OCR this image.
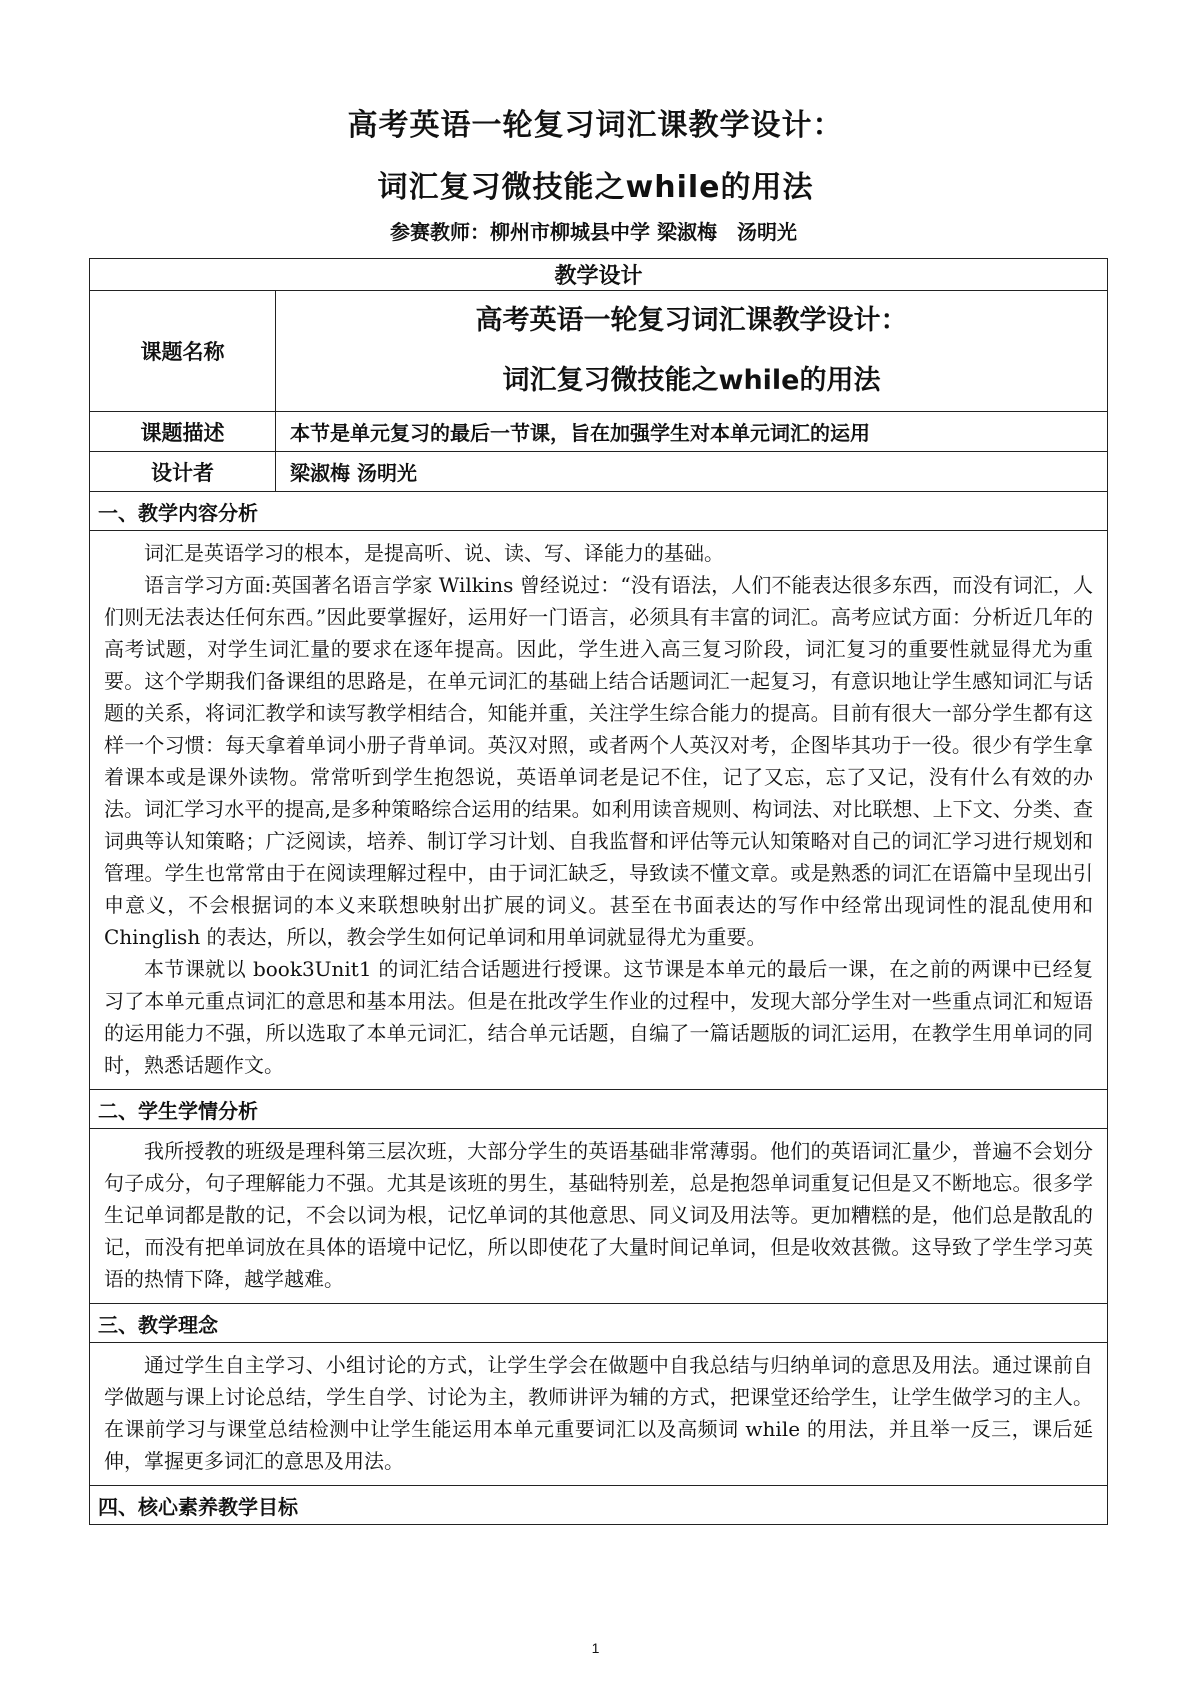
高考英语一轮复习词汇课教学设计：
词汇复习微技能之while的用法
参赛教师：柳州市柳城县中学 梁淑梅　汤明光
教学设计	
课题名称	高考英语一轮复习词汇课教学设计：
词汇复习微技能之while的用法

课题描述	本节是单元复习的最后一节课，旨在加强学生对本单元词汇的运用
设计者	梁淑梅 汤明光
一、教学内容分析	

词汇是英语学习的根本，是提高听、说、读、写、译能力的基础。

语言学习方面:英国著名语言学家 Wilkins 曾经说过：“没有语法，人们不能表达很多东西，而没有词汇，人们则无法表达任何东西。”因此要掌握好，运用好一门语言，必须具有丰富的词汇。高考应试方面：分析近几年的高考试题，对学生词汇量的要求在逐年提高。因此，学生进入高三复习阶段，词汇复习的重要性就显得尤为重要。这个学期我们备课组的思路是，在单元词汇的基础上结合话题词汇一起复习，有意识地让学生感知词汇与话题的关系，将词汇教学和读写教学相结合，知能并重，关注学生综合能力的提高。目前有很大一部分学生都有这样一个习惯：每天拿着单词小册子背单词。英汉对照，或者两个人英汉对考，企图毕其功于一役。很少有学生拿着课本或是课外读物。常常听到学生抱怨说，英语单词老是记不住，记了又忘，忘了又记，没有什么有效的办法。词汇学习水平的提高,是多种策略综合运用的结果。如利用读音规则、构词法、对比联想、上下文、分类、查词典等认知策略；广泛阅读，培养、制订学习计划、自我监督和评估等元认知策略对自己的词汇学习进行规划和管理。学生也常常由于在阅读理解过程中，由于词汇缺乏，导致读不懂文章。或是熟悉的词汇在语篇中呈现出引申意义，不会根据词的本义来联想映射出扩展的词义。甚至在书面表达的写作中经常出现词性的混乱使用和 Chinglish 的表达，所以，教会学生如何记单词和用单词就显得尤为重要。

本节课就以 book3Unit1 的词汇结合话题进行授课。这节课是本单元的最后一课，在之前的两课中已经复习了本单元重点词汇的意思和基本用法。但是在批改学生作业的过程中，发现大部分学生对一些重点词汇和短语的运用能力不强，所以选取了本单元词汇，结合单元话题，自编了一篇话题版的词汇运用，在教学生用单词的同时，熟悉话题作文。	

二、学生学情分析	

我所授教的班级是理科第三层次班，大部分学生的英语基础非常薄弱。他们的英语词汇量少，普遍不会划分句子成分，句子理解能力不强。尤其是该班的男生，基础特别差，总是抱怨单词重复记但是又不断地忘。很多学生记单词都是散的记，不会以词为根，记忆单词的其他意思、同义词及用法等。更加糟糕的是，他们总是散乱的记，而没有把单词放在具体的语境中记忆，所以即使花了大量时间记单词，但是收效甚微。这导致了学生学习英语的热情下降，越学越难。	

三、教学理念	

通过学生自主学习、小组讨论的方式，让学生学会在做题中自我总结与归纳单词的意思及用法。通过课前自学做题与课上讨论总结，学生自学、讨论为主，教师讲评为辅的方式，把课堂还给学生，让学生做学习的主人。在课前学习与课堂总结检测中让学生能运用本单元重要词汇以及高频词 while 的用法，并且举一反三，课后延伸，掌握更多词汇的意思及用法。	

四、核心素养教学目标	
1
